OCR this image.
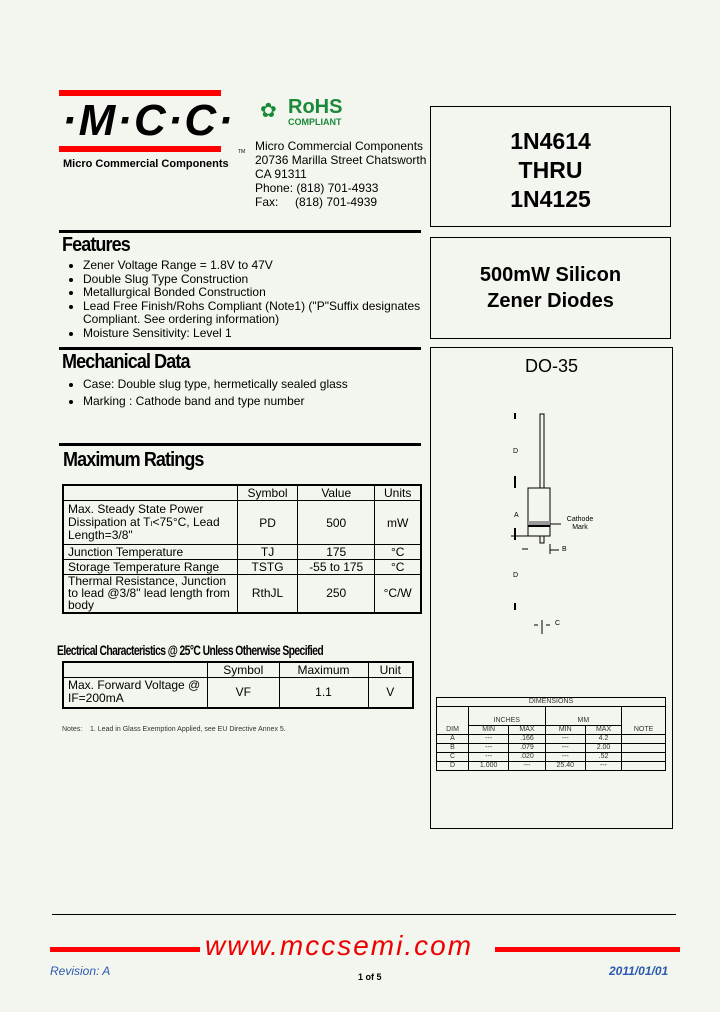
·M·C·C·
TM
Micro Commercial Components
✿ RoHS
COMPLIANT
Micro Commercial Components
20736 Marilla Street Chatsworth
CA 91311
Phone: (818) 701-4933
Fax:     (818) 701-4939
1N4614
THRU
1N4125
500mW Silicon
Zener Diodes
Features
• Zener Voltage Range = 1.8V to 47V
• Double Slug Type Construction
• Metallurgical Bonded Construction
• Lead Free Finish/Rohs Compliant (Note1) ("P"Suffix designates Compliant. See ordering information)
• Moisture Sensitivity: Level 1
Mechanical Data
• Case: Double slug type, hermetically sealed glass
• Marking : Cathode band and type number
Maximum Ratings
	Symbol	Value	Units
Max. Steady State Power Dissipation at Tₗ<75°C, Lead Length=3/8"	PD	500	mW
Junction Temperature	TJ	175	°C
Storage Temperature Range	TSTG	-55 to 175	°C
Thermal Resistance, Junction to lead @3/8" lead length from body	RthJL	250	°C/W
Electrical Characteristics @ 25°C Unless Otherwise Specified
	Symbol	Maximum	Unit
Max. Forward Voltage @ IF=200mA	VF	1.1	V
Notes:    1. Lead in Glass Exemption Applied, see EU Directive Annex 5.
DO-35
D
A
B
D
C
Cathode Mark
DIMENSIONS					
DIM	INCHES		MM		NOTE
	MIN	MAX	MIN	MAX	
A	---	.166	---	4.2	
B	---	.079	---	2.00	
C	---	.020	---	.52	
D	1.000	---	25.40	---	
www.mccsemi.com
Revision: A	1 of 5	2011/01/01
